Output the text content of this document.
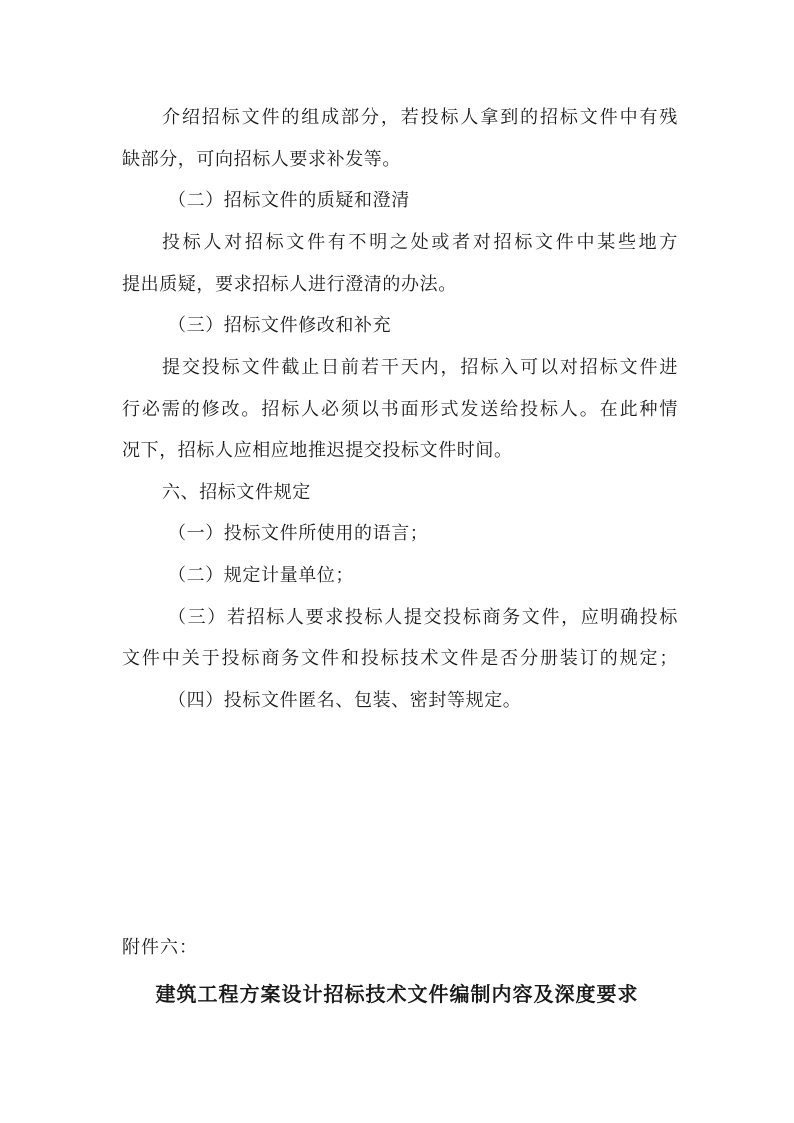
介绍招标文件的组成部分，若投标人拿到的招标文件中有残
缺部分，可向招标人要求补发等。
（二）招标文件的质疑和澄清
投标人对招标文件有不明之处或者对招标文件中某些地方
提出质疑，要求招标人进行澄清的办法。
（三）招标文件修改和补充
提交投标文件截止日前若干天内，招标入可以对招标文件进
行必需的修改。招标人必须以书面形式发送给投标人。在此种情
况下，招标人应相应地推迟提交投标文件时间。
六、招标文件规定
（一）投标文件所使用的语言；
（二）规定计量单位；
（三）若招标人要求投标人提交投标商务文件，应明确投标
文件中关于投标商务文件和投标技术文件是否分册装订的规定；
（四）投标文件匿名、包装、密封等规定。
附件六：
建筑工程方案设计招标技术文件编制内容及深度要求
